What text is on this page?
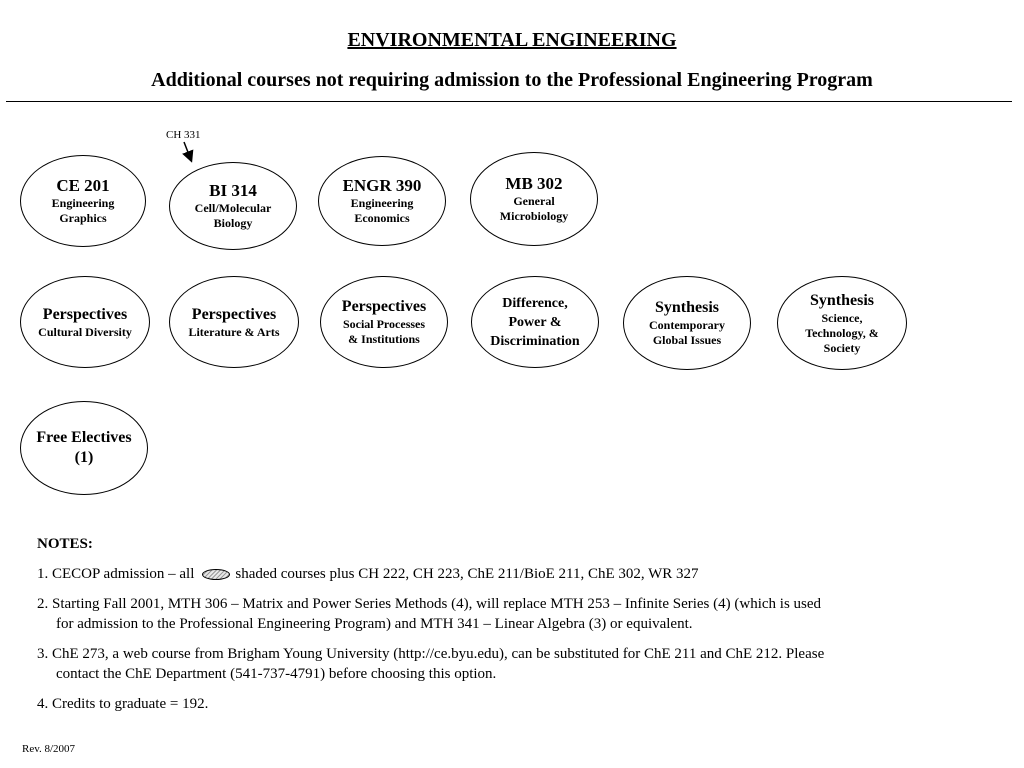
ENVIRONMENTAL ENGINEERING
Additional courses not requiring admission to the Professional Engineering Program
CH 331
CE 201
Engineering
Graphics
BI 314
Cell/Molecular
Biology
ENGR 390
Engineering
Economics
MB 302
General
Microbiology
Perspectives
Cultural Diversity
Perspectives
Literature & Arts
Perspectives
Social Processes
& Institutions
Difference,
Power &
Discrimination
Synthesis
Contemporary
Global Issues
Synthesis
Science,
Technology, &
Society
Free Electives
(1)
NOTES:
1. CECOP admission – all	shaded courses plus CH 222, CH 223, ChE 211/BioE 211, ChE 302, WR 327
2. Starting Fall 2001, MTH 306 – Matrix and Power Series Methods (4), will replace MTH 253 – Infinite Series (4) (which is used
for admission to the Professional Engineering Program) and MTH 341 – Linear Algebra (3) or equivalent.
3. ChE 273, a web course from Brigham Young University (http://ce.byu.edu), can be substituted for ChE 211 and ChE 212. Please
contact the ChE Department (541-737-4791) before choosing this option.
4. Credits to graduate = 192.
Rev. 8/2007
